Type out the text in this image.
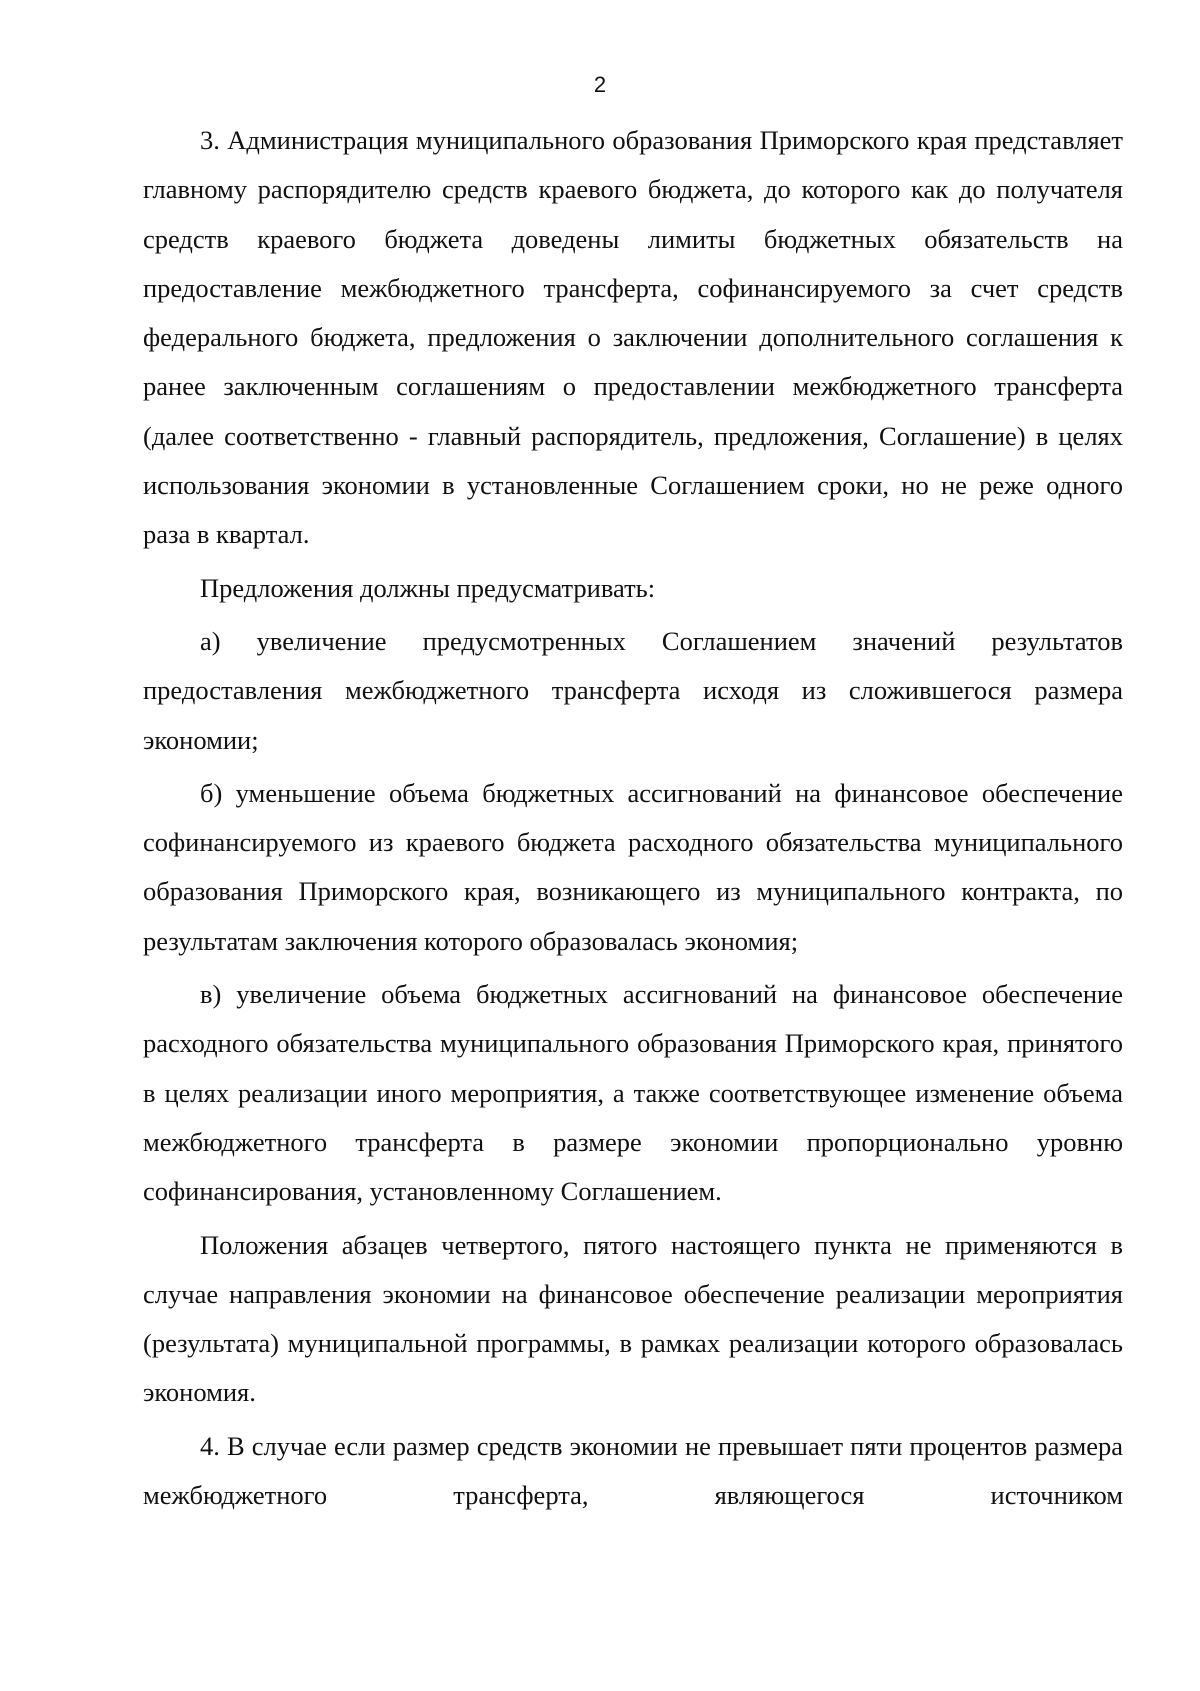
2

3. Администрация муниципального образования Приморского края представляет главному распорядителю средств краевого бюджета, до которого как до получателя средств краевого бюджета доведены лимиты бюджетных обязательств на предоставление межбюджетного трансферта, софинансируемого за счет средств федерального бюджета, предложения о заключении дополнительного соглашения к ранее заключенным соглашениям о предоставлении межбюджетного трансферта (далее соответственно - главный распорядитель, предложения, Соглашение) в целях использования экономии в установленные Соглашением сроки, но не реже одного раза в квартал.

Предложения должны предусматривать:

а) увеличение предусмотренных Соглашением значений результатов предоставления межбюджетного трансферта исходя из сложившегося размера экономии;

б) уменьшение объема бюджетных ассигнований на финансовое обеспечение софинансируемого из краевого бюджета расходного обязательства муниципального образования Приморского края, возникающего из муниципального контракта, по результатам заключения которого образовалась экономия;

в) увеличение объема бюджетных ассигнований на финансовое обеспечение расходного обязательства муниципального образования Приморского края, принятого в целях реализации иного мероприятия, а также соответствующее изменение объема межбюджетного трансферта в размере экономии пропорционально уровню софинансирования, установленному Соглашением.

Положения абзацев четвертого, пятого настоящего пункта не применяются в случае направления экономии на финансовое обеспечение реализации мероприятия (результата) муниципальной программы, в рамках реализации которого образовалась экономия.

4. В случае если размер средств экономии не превышает пяти процентов размера межбюджетного трансферта, являющегося источником
